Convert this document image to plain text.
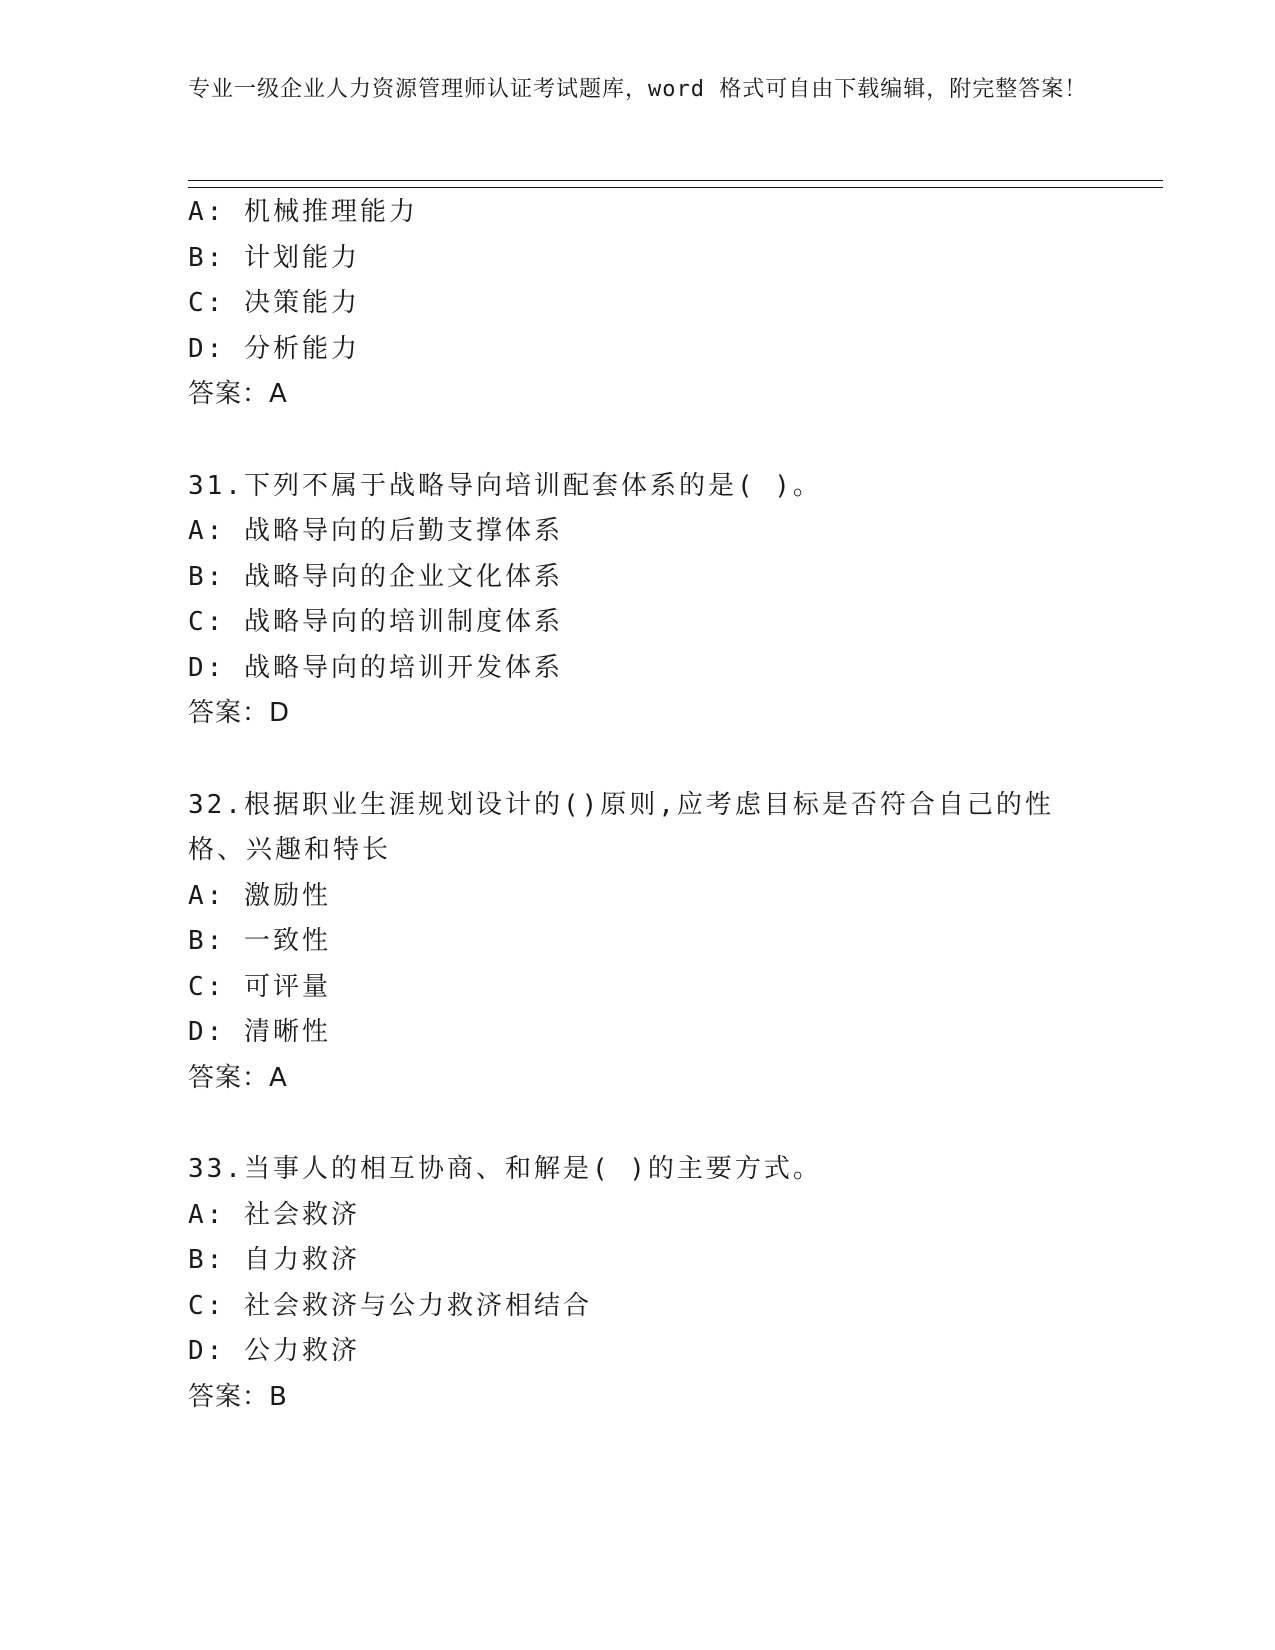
专业一级企业人力资源管理师认证考试题库，word 格式可自由下载编辑，附完整答案！
A: 机械推理能力
B: 计划能力
C: 决策能力
D: 分析能力
答案：A
31.下列不属于战略导向培训配套体系的是( )。
A: 战略导向的后勤支撑体系
B: 战略导向的企业文化体系
C: 战略导向的培训制度体系
D: 战略导向的培训开发体系
答案：D
32.根据职业生涯规划设计的()原则,应考虑目标是否符合自己的性格、兴趣和特长
A: 激励性
B: 一致性
C: 可评量
D: 清晰性
答案：A
33.当事人的相互协商、和解是( )的主要方式。
A: 社会救济
B: 自力救济
C: 社会救济与公力救济相结合
D: 公力救济
答案：B
